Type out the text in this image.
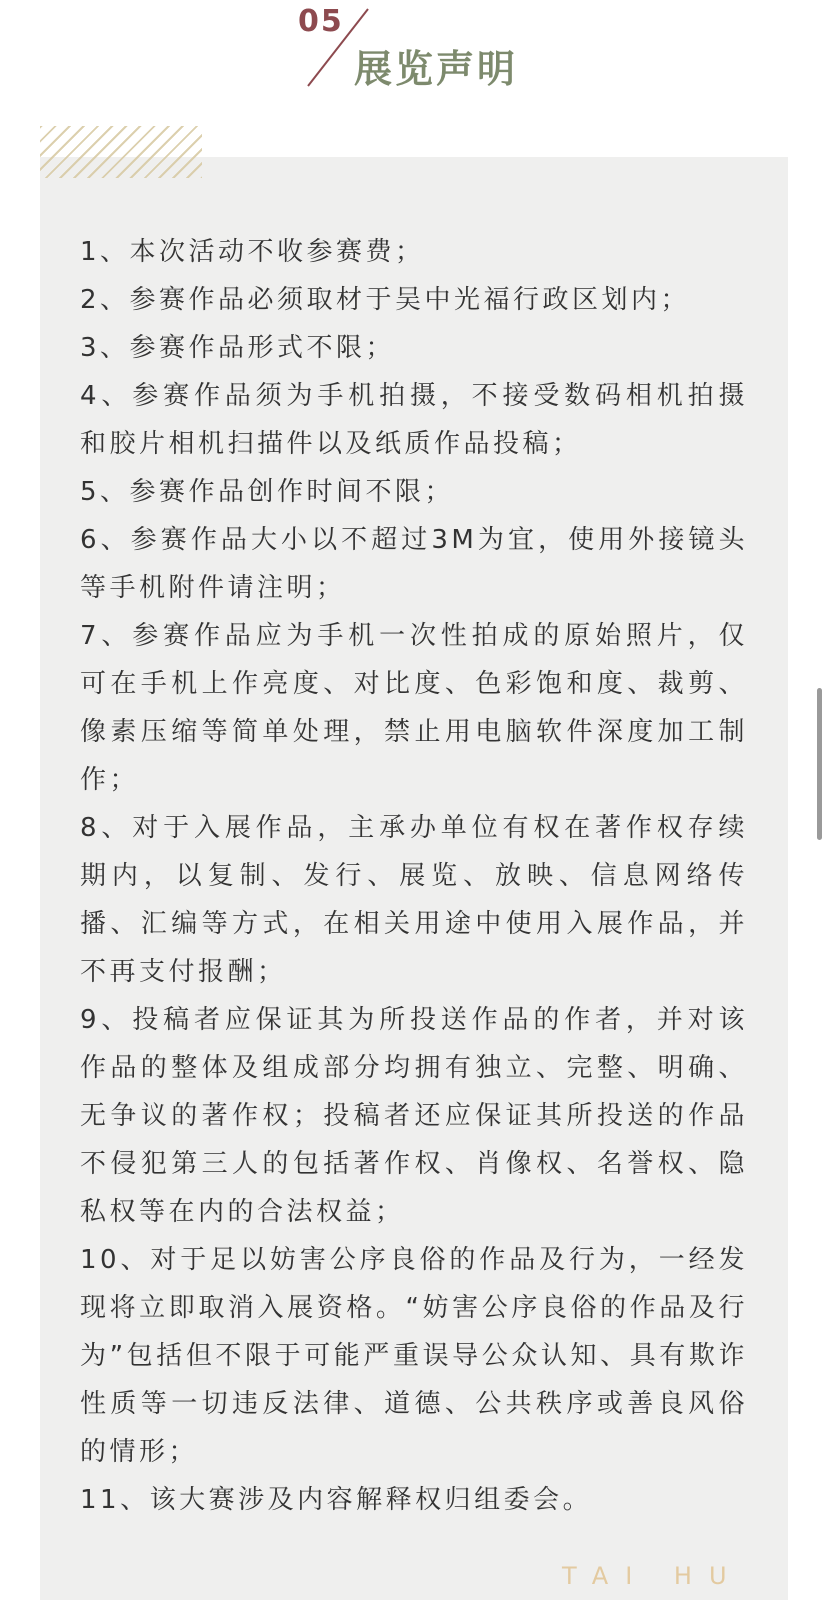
05
展览声明
1、本次活动不收参赛费；
2、参赛作品必须取材于吴中光福行政区划内；
3、参赛作品形式不限；
4、参赛作品须为手机拍摄，不接受数码相机拍摄和胶片相机扫描件以及纸质作品投稿；
5、参赛作品创作时间不限；
6、参赛作品大小以不超过3M为宜，使用外接镜头等手机附件请注明；
7、参赛作品应为手机一次性拍成的原始照片，仅可在手机上作亮度、对比度、色彩饱和度、裁剪、像素压缩等简单处理，禁止用电脑软件深度加工制作；
8、对于入展作品，主承办单位有权在著作权存续期内，以复制、发行、展览、放映、信息网络传播、汇编等方式，在相关用途中使用入展作品，并不再支付报酬；
9、投稿者应保证其为所投送作品的作者，并对该作品的整体及组成部分均拥有独立、完整、明确、无争议的著作权；投稿者还应保证其所投送的作品不侵犯第三人的包括著作权、肖像权、名誉权、隐私权等在内的合法权益；
10、对于足以妨害公序良俗的作品及行为，一经发现将立即取消入展资格。“妨害公序良俗的作品及行为”包括但不限于可能严重误导公众认知、具有欺诈性质等一切违反法律、道德、公共秩序或善良风俗的情形；
11、该大赛涉及内容解释权归组委会。
TAI HU
